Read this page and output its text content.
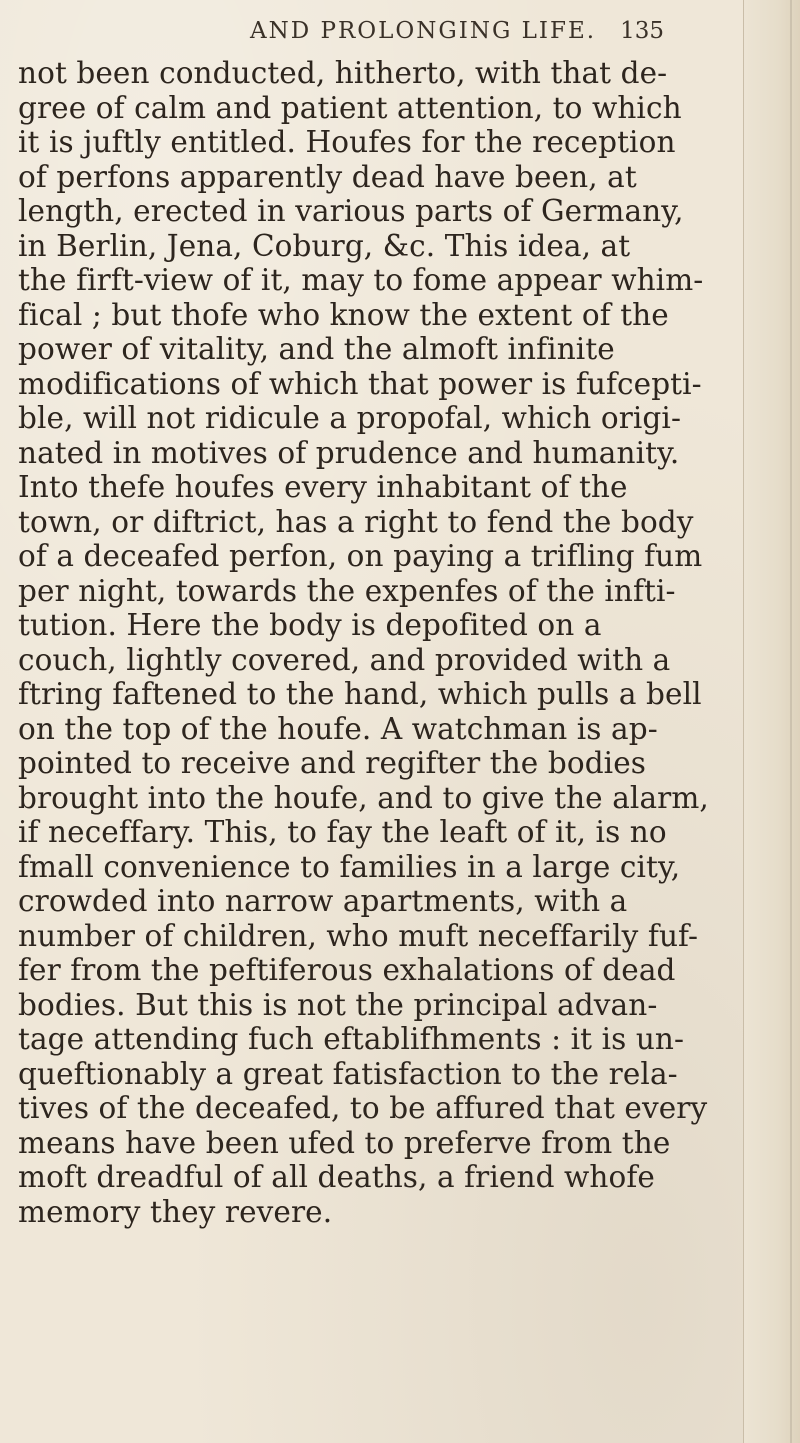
AND PROLONGING LIFE. 135
not been conducted, hitherto, with that de-
gree of calm and patient attention, to which
it is juftly entitled. Houfes for the reception
of perfons apparently dead have been, at
length, erected in various parts of Germany,
in Berlin, Jena, Coburg, &c. This idea, at
the firft-view of it, may to fome appear whim-
fical ; but thofe who know the extent of the
power of vitality, and the almoft infinite
modifications of which that power is fufcepti-
ble, will not ridicule a propofal, which origi-
nated in motives of prudence and humanity.
Into thefe houfes every inhabitant of the
town, or diftrict, has a right to fend the body
of a deceafed perfon, on paying a trifling fum
per night, towards the expenfes of the infti-
tution. Here the body is depofited on a
couch, lightly covered, and provided with a
ftring faftened to the hand, which pulls a bell
on the top of the houfe. A watchman is ap-
pointed to receive and regifter the bodies
brought into the houfe, and to give the alarm,
if neceffary. This, to fay the leaft of it, is no
fmall convenience to families in a large city,
crowded into narrow apartments, with a
number of children, who muft neceffarily fuf-
fer from the peftiferous exhalations of dead
bodies. But this is not the principal advan-
tage attending fuch eftablifhments : it is un-
queftionably a great fatisfaction to the rela-
tives of the deceafed, to be affured that every
means have been ufed to preferve from the
moft dreadful of all deaths, a friend whofe
memory they revere.
